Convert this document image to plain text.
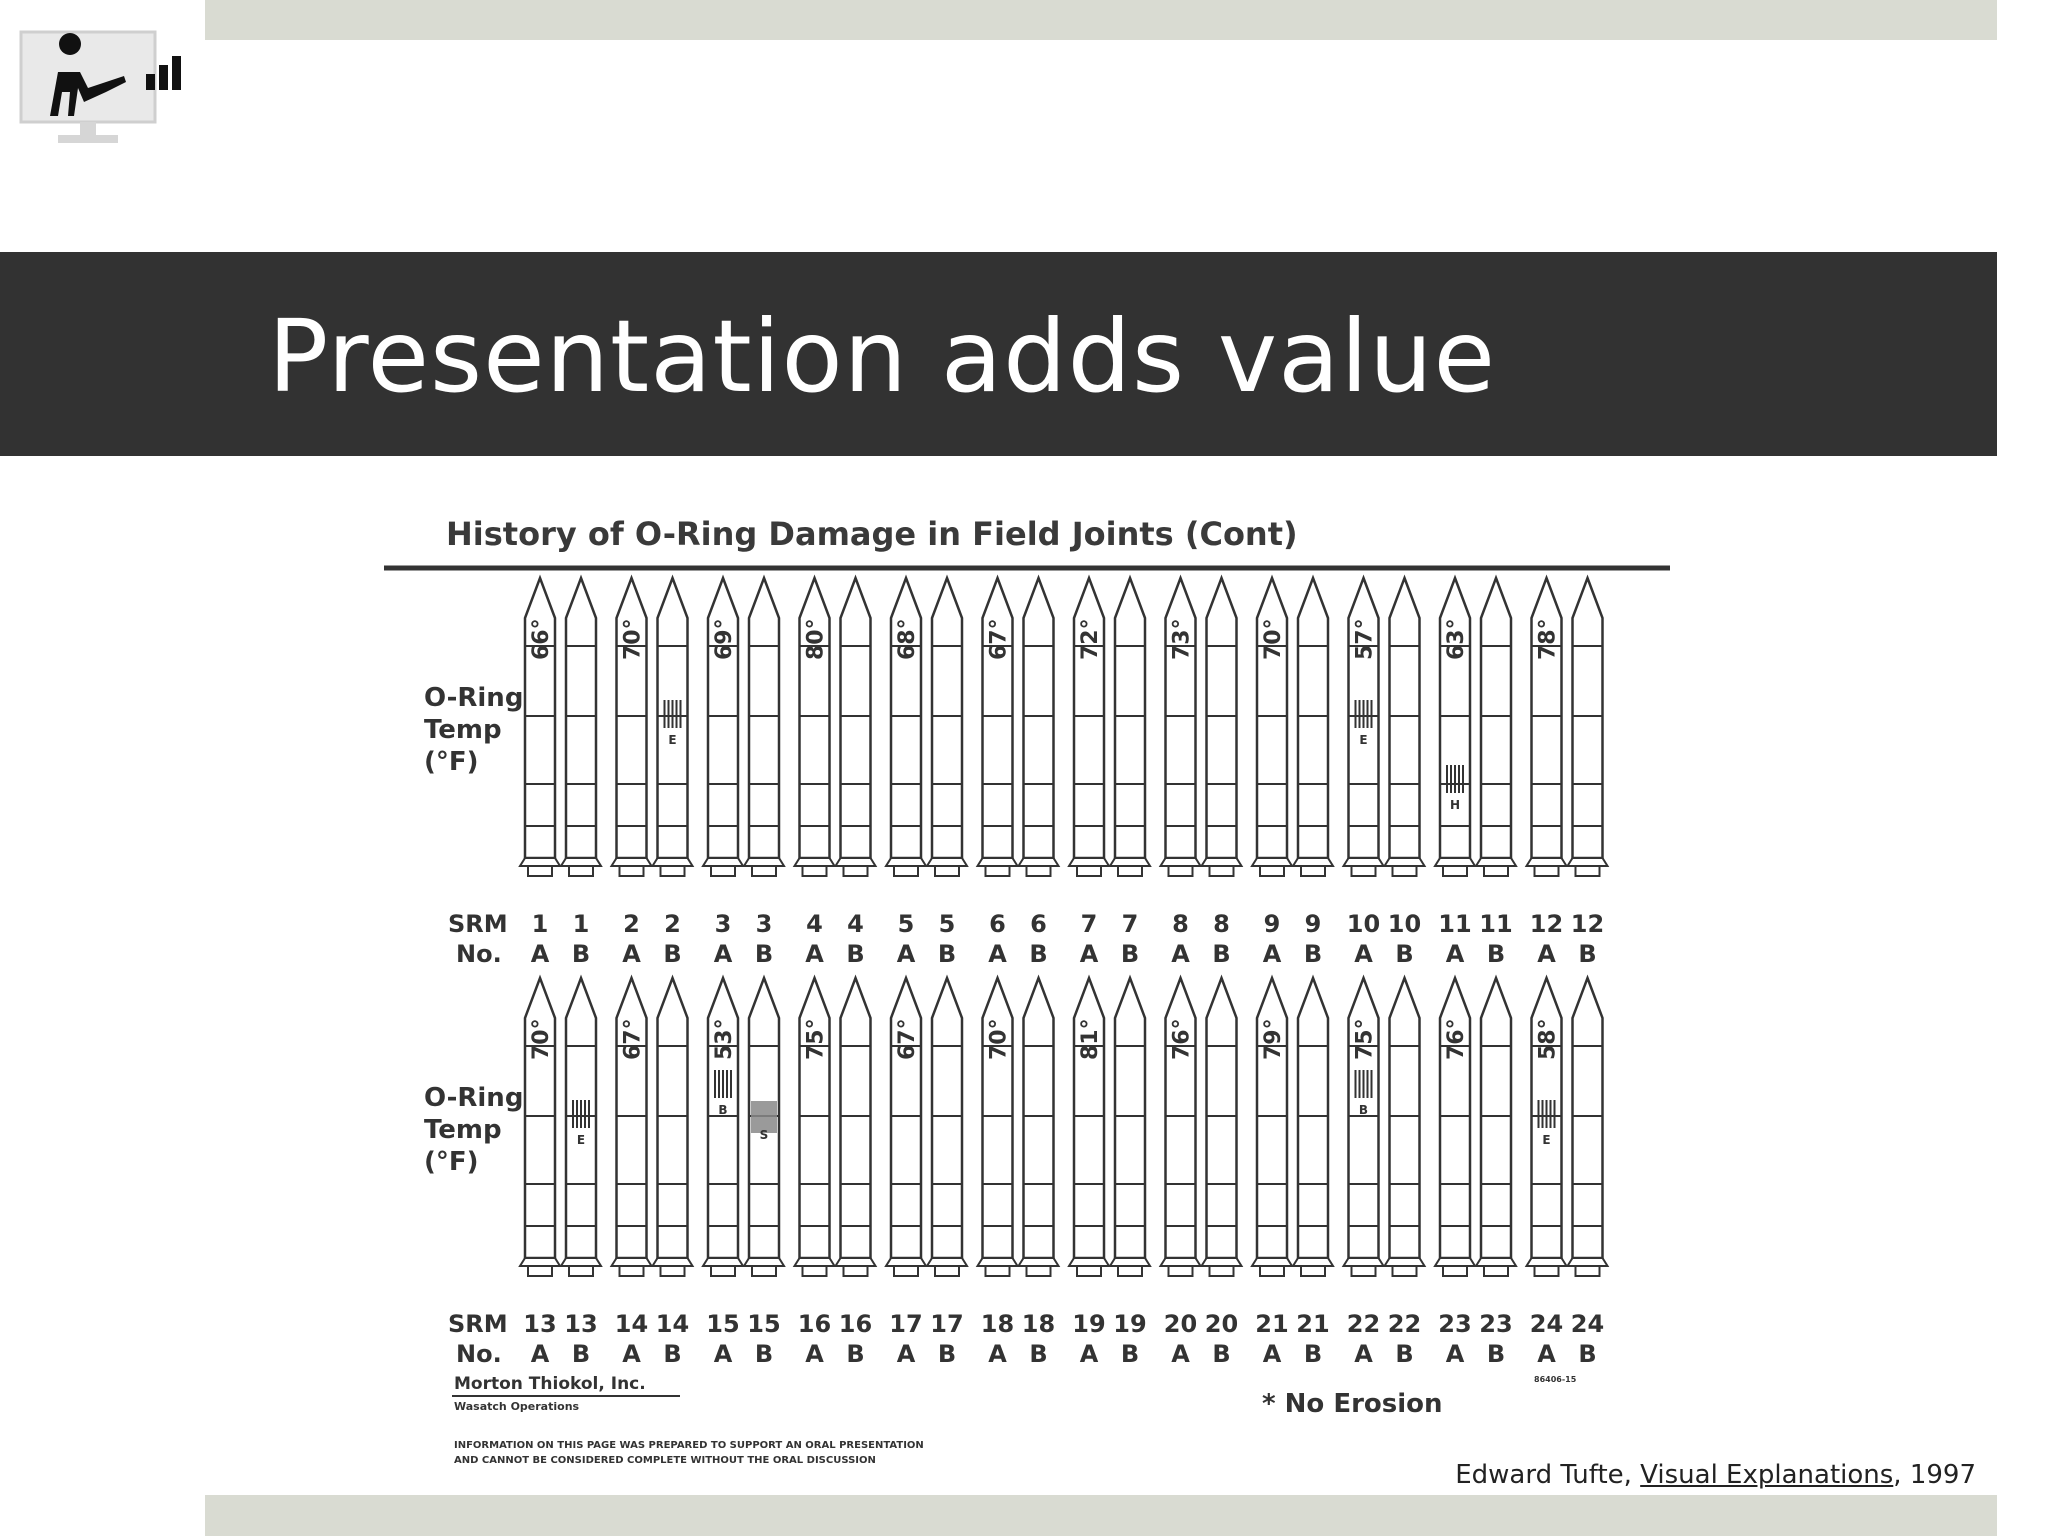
Presentation adds value
History of O-Ring Damage in Field Joints (Cont)
O-Ring
Temp
(°F)
SRM
No.
66°
1
A
1
B
70°
2
A
E
2
B
69°
3
A
3
B
80°
4
A
4
B
68°
5
A
5
B
67°
6
A
6
B
72°
7
A
7
B
73°
8
A
8
B
70°
9
A
9
B
57°
E
10
A
10
B
63°
H
11
A
11
B
78°
12
A
12
B
O-Ring
Temp
(°F)
SRM
No.
70°
13
A
E
13
B
67°
14
A
14
B
53°
B
15
A
S
15
B
75°
16
A
16
B
67°
17
A
17
B
70°
18
A
18
B
81°
19
A
19
B
76°
20
A
20
B
79°
21
A
21
B
75°
B
22
A
22
B
76°
23
A
23
B
58°
E
24
A
24
B
* No Erosion
86406-15
Morton Thiokol, Inc.
Wasatch Operations
INFORMATION ON THIS PAGE WAS PREPARED TO SUPPORT AN ORAL PRESENTATION
AND CANNOT BE CONSIDERED COMPLETE WITHOUT THE ORAL DISCUSSION	Edward Tufte, Visual Explanations, 1997
